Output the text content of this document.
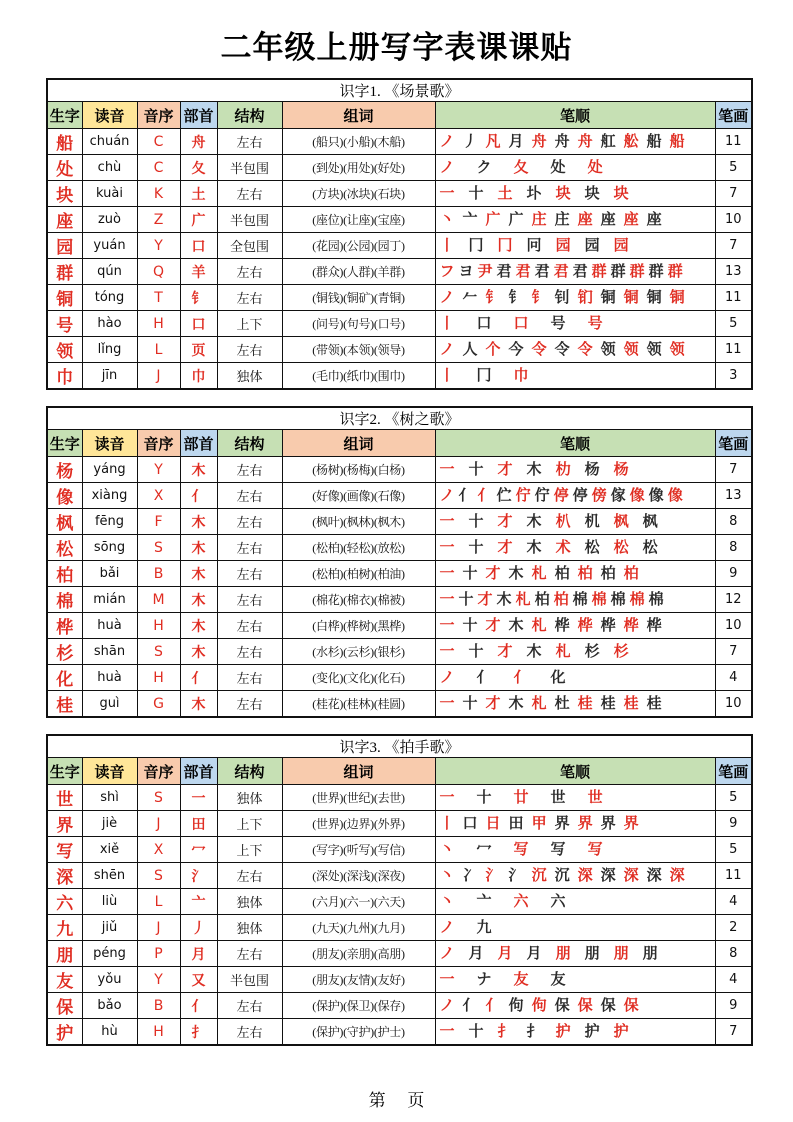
二年级上册写字表课课贴
识字1. 《场景歌》							
生字	读音	音序	部首	结构	组词	笔顺	笔画
船	chuán	C	舟	左右	(船只)(小船)(木船)	ノ 丿 凡 月 舟 舟 舟 舡 舩 船 船	11
处	chù	C	夂	半包围	(到处)(用处)(好处)	ノ ク 夂 处 处	5
块	kuài	K	土	左右	(方块)(冰块)(石块)	一 十 土 圤 块 块 块	7
座	zuò	Z	广	半包围	(座位)(让座)(宝座)	丶 亠 广 广 庄 庄 座 座 座 座	10
园	yuán	Y	口	全包围	(花园)(公园)(园丁)	丨 冂 冂 冋 园 园 园	7
群	qún	Q	羊	左右	(群众)(人群)(羊群)	フ ヨ 尹 君 君 君 君 君 群 群 群 群 群	13
铜	tóng	T	钅	左右	(铜钱)(铜矿)(青铜)	ノ 𠂉 钅 钅 钅 钊 钔 铜 铜 铜 铜	11
号	hào	H	口	上下	(问号)(句号)(口号)	丨 口 口 号 号	5
领	lǐng	L	页	左右	(带领)(本领)(领导)	ノ 人 个 今 令 令 令 领 领 领 领	11
巾	jīn	J	巾	独体	(毛巾)(纸巾)(围巾)	丨 冂 巾	3
识字2. 《树之歌》							
生字	读音	音序	部首	结构	组词	笔顺	笔画
杨	yáng	Y	木	左右	(杨树)(杨梅)(白杨)	一 十 才 木 朸 杨 杨	7
像	xiàng	X	亻	左右	(好像)(画像)(石像)	ノ 亻 亻 伫 佇 佇 停 停 傍 傢 像 像 像	13
枫	fēng	F	木	左右	(枫叶)(枫林)(枫木)	一 十 才 木 朳 机 枫 枫	8
松	sōng	S	木	左右	(松柏)(轻松)(放松)	一 十 才 木 术 松 松 松	8
柏	bǎi	B	木	左右	(松柏)(柏树)(柏油)	一 十 才 木 札 柏 柏 柏 柏	9
棉	mián	M	木	左右	(棉花)(棉衣)(棉被)	一 十 才 木 札 柏 柏 棉 棉 棉 棉 棉	12
桦	huà	H	木	左右	(白桦)(桦树)(黑桦)	一 十 才 木 札 桦 桦 桦 桦 桦	10
杉	shān	S	木	左右	(水杉)(云杉)(银杉)	一 十 才 木 札 杉 杉	7
化	huà	H	亻	左右	(变化)(文化)(化石)	ノ 亻 亻 化	4
桂	guì	G	木	左右	(桂花)(桂林)(桂圆)	一 十 才 木 札 杜 桂 桂 桂 桂	10
识字3. 《拍手歌》							
生字	读音	音序	部首	结构	组词	笔顺	笔画
世	shì	S	一	独体	(世界)(世纪)(去世)	一 十 廿 世 世	5
界	jiè	J	田	上下	(世界)(边界)(外界)	丨 口 日 田 甲 界 界 界 界	9
写	xiě	X	冖	上下	(写字)(听写)(写信)	丶 冖 写 写 写	5
深	shēn	S	氵	左右	(深处)(深浅)(深夜)	丶 冫 氵 氵 沉 沉 深 深 深 深 深	11
六	liù	L	亠	独体	(六月)(六一)(六天)	丶 亠 六 六	4
九	jiǔ	J	丿	独体	(九天)(九州)(九月)	ノ 九	2
朋	péng	P	月	左右	(朋友)(亲朋)(高朋)	ノ 月 月 月 朋 朋 朋 朋	8
友	yǒu	Y	又	半包围	(朋友)(友情)(友好)	一 ナ 友 友	4
保	bǎo	B	亻	左右	(保护)(保卫)(保存)	ノ 亻 亻 佝 佝 保 保 保 保	9
护	hù	H	扌	左右	(保护)(守护)(护士)	一 十 扌 扌 护 护 护	7
第　 页
